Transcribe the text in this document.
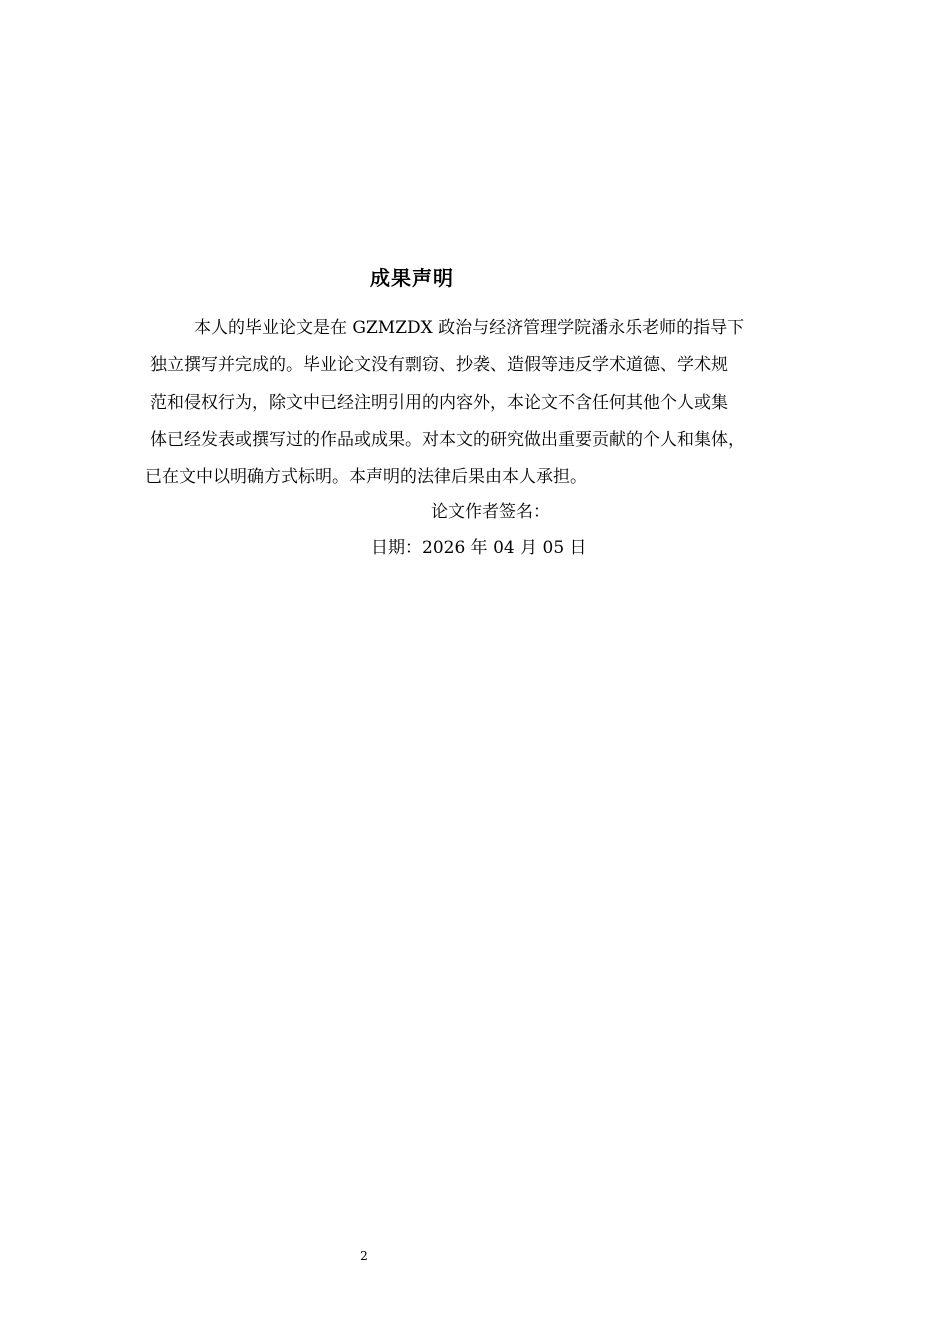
成果声明
本人的毕业论文是在 GZMZDX 政治与经济管理学院潘永乐老师的指导下
独立撰写并完成的。毕业论文没有剽窃、抄袭、造假等违反学术道德、学术规
范和侵权行为，除文中已经注明引用的内容外，本论文不含任何其他个人或集
体已经发表或撰写过的作品或成果。对本文的研究做出重要贡献的个人和集体，
已在文中以明确方式标明。本声明的法律后果由本人承担。
论文作者签名：
日期：2026 年 04 月 05 日
2
